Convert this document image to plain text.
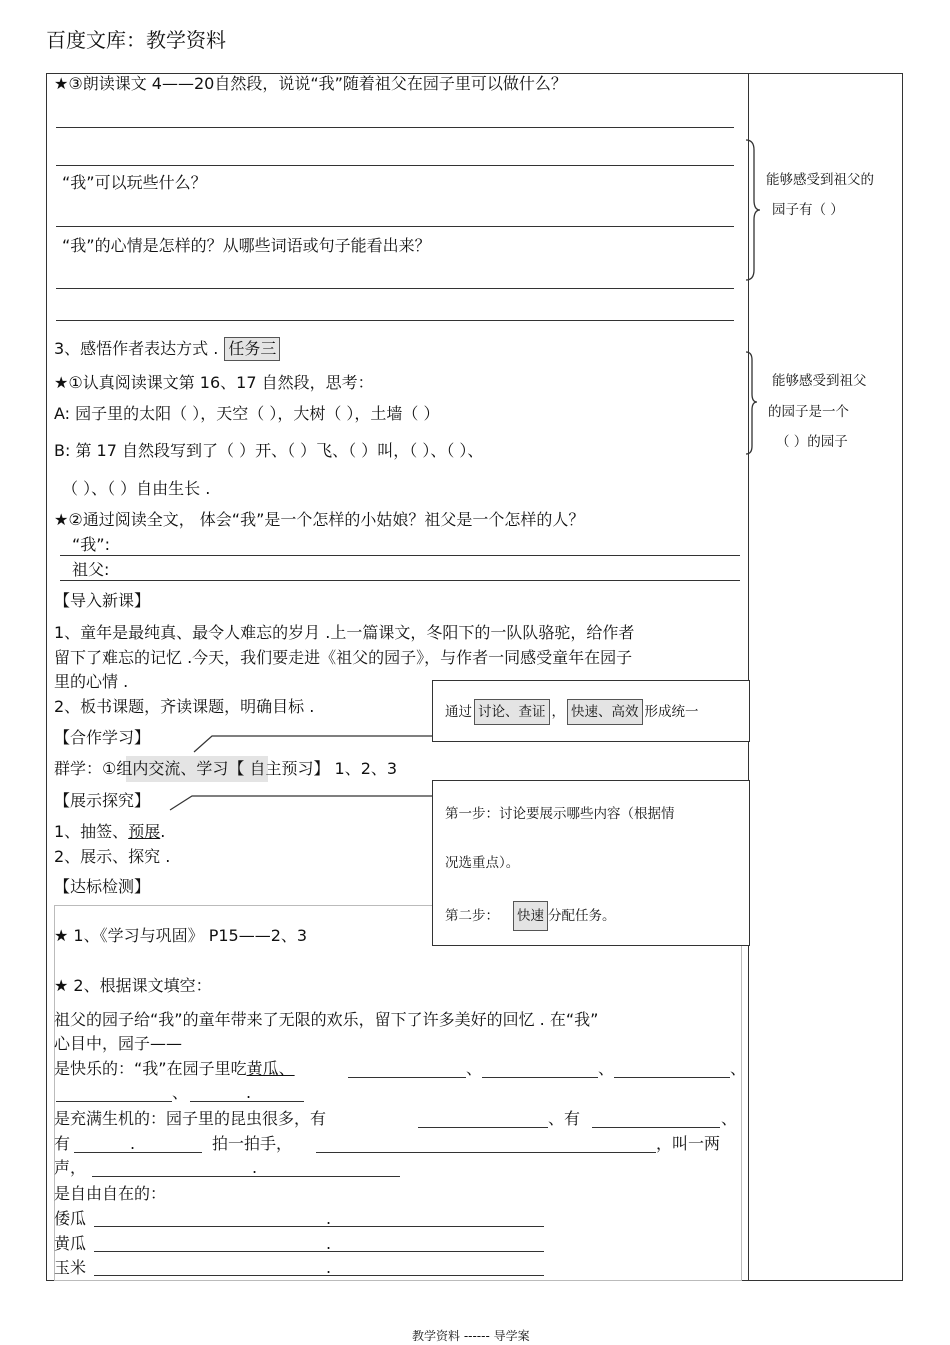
百度文库：教学资料
★③朗读课文 4——20自然段，说说“我”随着祖父在园子里可以做什么？
“我”可以玩些什么？
“我”的心情是怎样的？从哪些词语或句子能看出来？
3、感悟作者表达方式 . 任务三
★①认真阅读课文第 16、17 自然段，思考：
A: 园子里的太阳（ ），天空（ ），大树（ ），土墙（ ）
B: 第 17 自然段写到了（ ）开、（ ）飞、（ ）叫，（ ）、（ ）、
（ ）、（ ）自由生长 .
★②通过阅读全文， 体会“我”是一个怎样的小姑娘？祖父是一个怎样的人？
“我”:
祖父:
【导入新课】
1、童年是最纯真、最令人难忘的岁月 .上一篇课文，冬阳下的一队队骆驼，给作者
留下了难忘的记忆 .今天，我们要走进《祖父的园子》，与作者一同感受童年在园子
里的心情 .
2、板书课题，齐读课题，明确目标 .
【合作学习】
群学：①组内交流、学习【 自主预习】 1、2、3
【展示探究】
1、抽签、预展.
2、展示、探究 .
【达标检测】
★ 1、《学习与巩固》 P15——2、3
★ 2、根据课文填空：
祖父的园子给“我”的童年带来了无限的欢乐，留下了许多美好的回忆 . 在“我”
心目中，园子——
是快乐的：“我”在园子里吃黄瓜、	、	、	、
、	.
是充满生机的：园子里的昆虫很多，有	、有	、
有	.	拍一拍手，	，叫一两
声，	.
是自由自在的：
倭瓜	.
黄瓜	.
玉米	.
能够感受到祖父的
园子有（ ）
能够感受到祖父
的园子是一个
（ ）的园子
通过 讨论、查证 ， 快速、高效 形成统一
第一步：讨论要展示哪些内容（根据情
况选重点）。
第二步： 快速 分配任务。
教学资料 ------ 导学案
